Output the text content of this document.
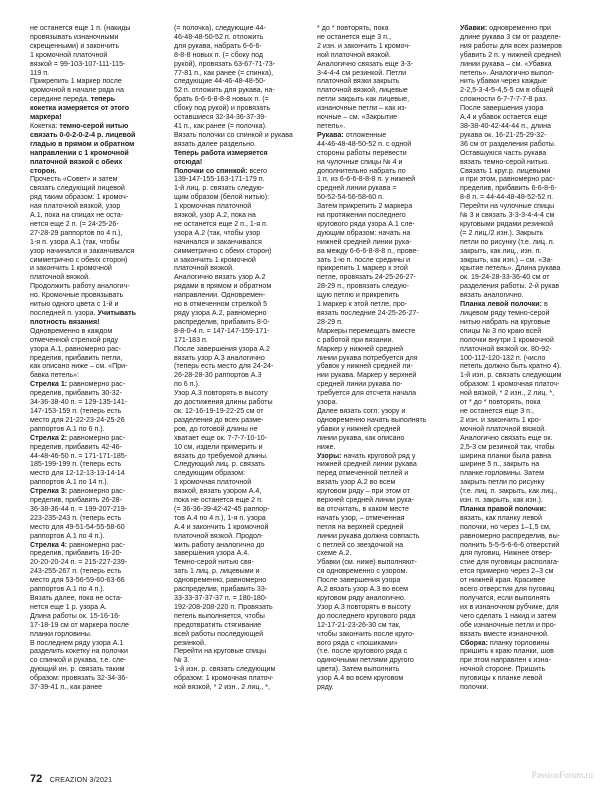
не останется еще 1 п. (накиды
провязывать изнаночными
скрещенными) и закончить
1 кромочной платочной
вязкой = 99-103-107-111-115-
119 п.

Прикрепить 1 маркер после
кромочной в начале ряда на
середине переда. теперь
кокетка измеряется от этого
маркера!

Кокетка: темно-серой нитью
связать 0-0-2-0-2-4 р. лицевой
гладью в прямом и обратном
направлении с 1 кромочной
платочной вязкой с обеих
сторон.

Прочесть «Совет» и затем
связать следующий лицевой
ряд таким образом: 1 кромоч-
ная платочной вязкой, узор
А.1, пока на спицах не оста-
нется еще 2 п. (= 24-25-26-
27-28-29 раппортов по 4 п.),
1-я п. узора А.1 (так, чтобы
узор начинался и заканчивался
симметрично с обеих сторон)
и закончить 1 кромочной
платочной вязкой.

Продолжить работу аналогич-
но. Кромочные провязывать
нитью одного цвета с 1-й и
последней п. узора. Учитывать
плотность вязания!

Одновременно в каждом
отмеченной стрелкой ряду
узора А.1, равномерно рас-
пределив, прибавить петли,
как описано ниже – см. «При-
бавка петель»:

Стрелка 1: равномерно рас-
пределив, прибавить 30-32-
34-36-38-40 п. = 129-135-141-
147-153-159 п. (теперь есть
место для 21-22-23-24-25-26
раппортов А.1 по 6 п.).

Стрелка 2: равномерно рас-
пределив, прибавить 42-46-
44-48-46-50 п. = 171-171-185-
185-199-199 п. (теперь есть
место для 12-12-13-13-14-14
раппортов А.1 по 14 п.).

Стрелка 3: равномерно рас-
пределив, прибавить 26-28-
36-38-36-44 п. = 199-207-219-
223-235-243 п. (теперь есть
место для 49-51-54-55-58-60
раппортов А.1 по 4 п.).

Стрелка 4: равномерно рас-
пределив, прибавить 16-20-
20-20-20-24 п. = 215-227-239-
243-255-267 п. (теперь есть
место для 53-56-59-60-63-66
раппортов А.1 по 4 п.).

Вязать далее, пока не оста-
нется еще 1 р. узора А.

Длина работы ок. 15-16-16-
17-18-19 см от маркера после
планки горловины.

В последнем ряду узора А.1
разделить кокетку на полочки
со спинкой и рукава, т.е. сле-
дующий ин. р. связать таким
образом: провязать 32-34-36-
37-39-41 п., как ранее

(= полочка), следующие 44-
46-48-48-50-52 п. отложить
для рукава, набрать 6-6-6-
8-8-8 новых п. (= сбоку под
рукой), провязать 63-67-71-73-
77-81 п., как ранее (= спинка),
следующие 44-46-48-48-50-
52 п. отложить для рукава, на-
брать 6-6-6-8-8-8 новых п. (=
сбоку под рукой) и провязать
оставшиеся 32-34-36-37-39-
41 п., как ранее (= полочка).

Вязать полочки со спинкой и рукава
вязать далее раздельно.

Теперь работа измеряется
отсюда!

Полочки со спинкой: всего
139-147-155-163-171-179 п.
1-й лиц. р. связать следую-
щим образом (белой нитью):
1 кромочная платочной
вязкой, узор А.2, пока на
не останется еще 2 п., 1-я п.
узора А.2 (так, чтобы узор
начинался и заканчивался
симметрично с обеих сторон)
и закончить 1 кромочной
платочной вязкой.

Аналогично вязать узор А.2
рядами в прямом и обратном
направлении. Одновремен-
но в отмеченном стрелкой 5
ряду узора А.2, равномерно
распределив, прибавить 8-0-
8-8-0-4 п. = 147-147-159-171-
171-183 п.

После завершения узора А.2
вязать узор А.3 аналогично
(теперь есть место для 24-24-
26-28-28-30 раппортов А.3
по 6 п.).

Узор А.3 повторять в высоту
до достижения длины работы
ок. 12-16-19-19-22-25 см от
разделения до всех разме-
ров, до готовой длины не
хватает еще ок. 7-7-7-10-10-
10 см, издели примерить и
вязать до требуемой длины.

Следующий лиц. р. связать
следующим образом:
1 кромочная платочной
вязкой, вязать узором А.4,
пока не останется еще 2 п.
(= 36-36-39-42-42-45 раппор-
тов А.4 по 4 п.), 1-я п. узора
А.4 и закончить 1 кромочной
платочной вязкой. Продол-
жить работу аналогично до
завершения узора А.4.

Темно-серой нитью свя-
зать 1 лиц. р. лицевыми и
одновременно, равномерно
распределив, прибавить 33-
33-33-37-37-37 п. = 180-180-
192-208-208-220 п. Провязать
петель выполняется, чтобы
предотвратить стягивание
всей работы последующей
резинкой.

Перейти на круговые спицы
№ 3.

1-й изн. р. связать следующим
образом: 1 кромочная платоч-
ной вязкой, * 2 изн., 2 лиц., *,

* до * повторять, пока
не останется еще 3 п.,
2 изн. и закончить 1 кромоч-
ной платочной вязкой.

Аналогично связать еще 3-3-
3-4-4-4 см резинкой. Петли
платочной вязки закрыть
платочной вязкой, лицевые
петли закрыть как лицевые,
изнаночные петли – как из-
ночные – см. «Закрытие
петель».

Рукава: отложенные
44-46-48-48-50-52 п. с одной
стороны работы перевести
на чулочные спицы № 4 и
дополнительно набрать по
1 п. из 6-6-6-8-8-8 п. у нижней
средней линии рукава =
50-52-54-56-58-60 п.

Затем прикрепить 2 маркера
на протяжении последнего
кругового ряда узора А.1 сле-
дующим образом: начать на
нижней средней линии рука-
ва между 6-6-6-8-8-8 п., прове-
зать 1-ю п. после средины и
прикрепить 1 маркер к этой
петле, провязать 24-25-26-27-
28-29 п., провязать следую-
щую петлю и прикрепить
1 маркер к этой петле, про-
вязать последние 24-25-26-27-
28-29 п.

Маркеры перемещать вместе
с работой при вязании.
Маркер у нижней средней
линии рукава потребуется для
убавок у нижней средней ли-
нии рукава. Маркер у верхней
средней линии рукава по-
требуется для отсчета начала
узора.

Далее вязать согл. узору и
одновременно начать выполнять
убавки у нижней средней
линии рукава, как описано
ниже.

Узоры: начать круговой ряд у
нижней средней линии рукава
перед отмеченной петлей и
вязать узор А.2 во всем
круговом ряду – при этом от
верхней средней линии рука-
ва отсчитать, в каком месте
начать узор, – отмеченная
петля на верхней средней
линии рукава должна совпасть
с петлей со звездочкой на
схеме А.2.

Убавки (см. ниже) выполняют-
ся одновременно с узором.

После завершения узора
А.2 вязать узор А.3 во всем
круговом ряду аналогично.

Узор А.3 повторять в высоту
до последнего кругового ряда
12-17-21-23-26-30 см так,
чтобы закончить после круго-
вого ряда с «пошиками»
(т.е. после кругового ряда с
одиночными петлями другого
цвета). Затем выполнить
узор А.4 во всем круговом
ряду.

Убавки: одновременно при
длине рукава 3 см от разделе-
ния работы для всех размеров
убавить 2 п. у нижней средней
линии рукава – см. «Убавка
петель». Аналогично выпол-
нить убавки через каждые
2-2,5-3-4-5-4,5-5 см в общей
сложности 6-7-7-7-7-8 раз.

После завершения узора
А.4 и убавок остается еще
38-38-40-42-44-44 п., длина
рукава ок. 16-21-25-29-32-
36 см от разделения работы.
Оставшуюся часть рукава
вязать темно-серой нитью.

Связать 1 круг.р. лицевыми
и при этом, равномерно рас-
пределив, прибавить 6-6-8-6-
8-8 п. = 44-44-48-48-52-52 п.

Перейти на чулочные спицы
№ 3 и связать 3-3-3-4-4-4 см
круговыми рядами резинкой
(= 2 лиц./2 изн.). Закрыть
петли по рисунку (т.е. лиц. п.
закрыть, как лиц., изн. п.
закрыть, как изн.) – см. «За-
крытие петель». Длина рукава
ок. 19-24-28-33-36-40 см от
разделения работы. 2-й рукав
вязать аналогично.

Планка левой полочки: в
лицевом ряду темно-серой
нитью набрать на круговые
спицы № 3 по краю всей
полочки внутри 1 кромочной
платочной вязкой ок. 80-92-
100-112-120-132 п. (число
петель должно быть кратно 4).
1-й изн. р. связать следующим
образом: 1 кромочная платоч-
ной вязкой, * 2 изн., 2 лиц. *,
от * до * повторять, пока
не останется еще 3 п.,
2 изн. и закончить 1 кро-
мочной платочной вязкой.

Аналогично связать еще ок.
2,5-3 см резинкой так, чтобы
ширина планки была равна
ширине 5 п., закрыть на
планке горловины. Затем
закрыть петли по рисунку
(т.е. лиц. п. закрыть, как лиц.,
изн. п. закрыть, как изн.).

Планка правой полочки:
вязать, как планку левой
полочки, но через 1–1,5 см,
равномерно распределив, вы-
полнить 5-5-5-6-6-6 отверстий
для пуговиц. Нижнее отвер-
стие для пуговицы располага-
ется примерно через 2–3 см
от нижней края. Красивее
всего отверстия для пуговиц
получатся, если выполнять
их в изнаночном рубчике, для
чего сделать 1 накид и затем
обе изнаночные петли и про-
вязать вместе изнаночной.

Сборка: планку горловины
пришить к краю планки, шов
при этом направлен к изна-
ночной стороне. Пришить
пуговицы к планке левой
полочки.

72 CREAZION 3/2021
PassionForum.ru
